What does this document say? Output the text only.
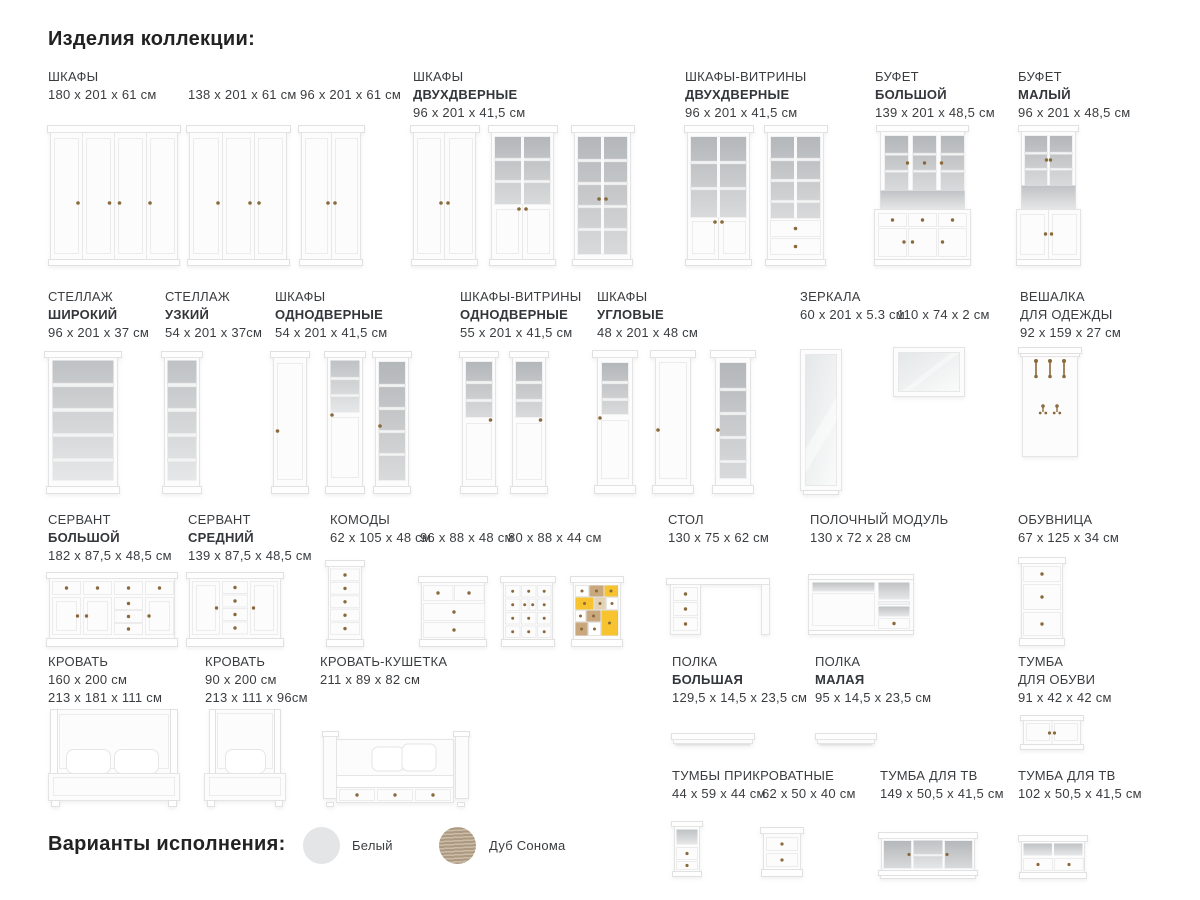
Изделия коллекции:
ШКАФЫ
180 x 201 x 61 см 138 x 201 x 61 см 96 x 201 x 61 см
ШКАФЫ
ДВУХДВЕРНЫЕ
96 x 201 x 41,5 см
ШКАФЫ-ВИТРИНЫ
ДВУХДВЕРНЫЕ
96 x 201 x 41,5 см
БУФЕТ
БОЛЬШОЙ
139 x 201 x 48,5 см
БУФЕТ
МАЛЫЙ
96 x 201 x 48,5 см
СТЕЛЛАЖ
ШИРОКИЙ
96 x 201 x 37 см
СТЕЛЛАЖ
УЗКИЙ
54 x 201 x 37см
ШКАФЫ
ОДНОДВЕРНЫЕ
54 x 201 x 41,5 см
ШКАФЫ-ВИТРИНЫ
ОДНОДВЕРНЫЕ
55 x 201 x 41,5 см
ШКАФЫ
УГЛОВЫЕ
48 x 201 x 48 см
ЗЕРКАЛА
60 x 201 x 5.3 см
110 x 74 x 2 см
ВЕШАЛКА
ДЛЯ ОДЕЖДЫ
92 x 159 x 27 см
СЕРВАНТ
БОЛЬШОЙ
182 x 87,5 x 48,5 см
СЕРВАНТ
СРЕДНИЙ
139 x 87,5 x 48,5 см
КОМОДЫ
62 x 105 x 48 см
96 x 88 x 48 см
80 x 88 x 44 см
СТОЛ
130 x 75 x 62 см
ПОЛОЧНЫЙ МОДУЛЬ
130 x 72 x 28 см
ОБУВНИЦА
67 x 125 x 34 см
КРОВАТЬ
160 x 200 см
213 x 181 x 111 см
КРОВАТЬ
90 x 200 см
213 x 111 x 96см
КРОВАТЬ-КУШЕТКА
211 x 89 x 82 см
ПОЛКА
БОЛЬШАЯ
129,5 x 14,5 x 23,5 см
ПОЛКА
МАЛАЯ
95 x 14,5 x 23,5 см
ТУМБА
ДЛЯ ОБУВИ
91 x 42 x 42 см
ТУМБЫ ПРИКРОВАТНЫЕ
44 x 59 x 44 см
62 x 50 x 40 см
ТУМБА ДЛЯ ТВ
149 x 50,5 x 41,5 см
ТУМБА ДЛЯ ТВ
102 x 50,5 x 41,5 см
Варианты исполнения:	Белый	Дуб Сонома
